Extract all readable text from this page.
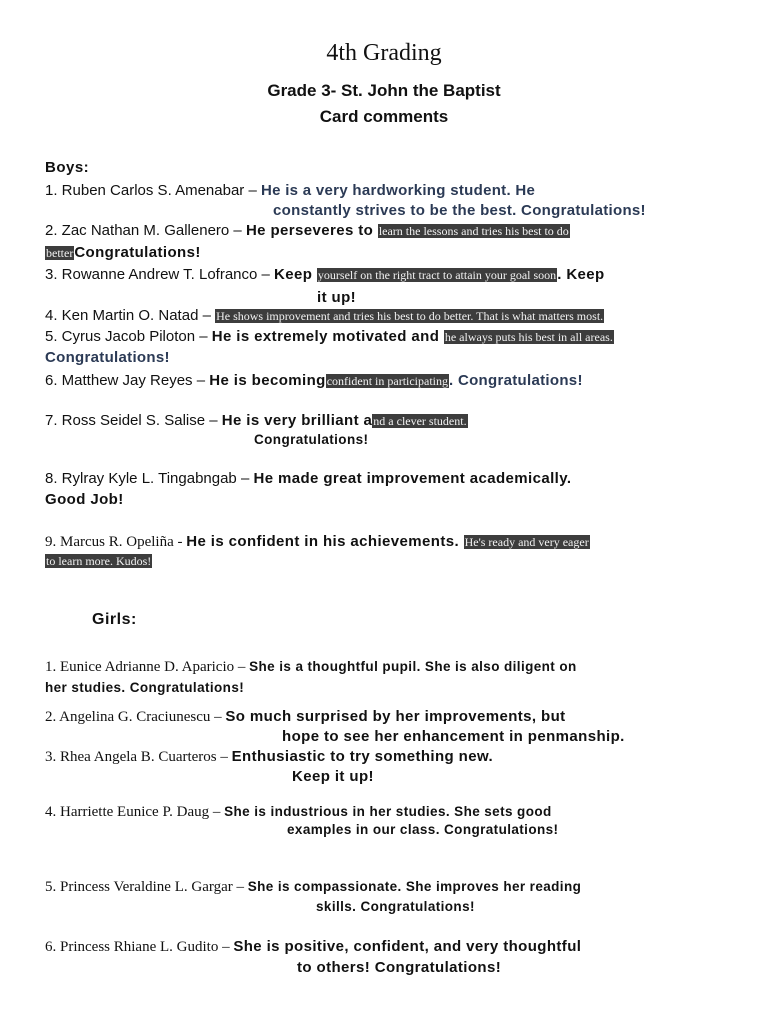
4th Grading
Grade 3- St. John the Baptist
Card comments
Boys:
1. Ruben Carlos S. Amenabar – He is a very hardworking student. He
constantly strives to be the best. Congratulations!
2. Zac Nathan M. Gallenero – He perseveres to learn the lessons and tries his best to do
betterCongratulations!
3. Rowanne Andrew T. Lofranco – Keep yourself on the right tract to attain your goal soon. Keep
it up!
4. Ken Martin O. Natad – He shows improvement and tries his best to do better. That is what matters most.
5. Cyrus Jacob Piloton – He is extremely motivated and he always puts his best in all areas.
Congratulations!
6. Matthew Jay Reyes – He is becomingconfident in participating. Congratulations!
7. Ross Seidel S. Salise – He is very brilliant and a clever student.
Congratulations!
8. Rylray Kyle L. Tingabngab – He made great improvement academically.
Good Job!
9. Marcus R. Opeliña - He is confident in his achievements. He's ready and very eager
to learn more. Kudos!
Girls:
1. Eunice Adrianne D. Aparicio – She is a thoughtful pupil. She is also diligent on
her studies. Congratulations!
2. Angelina G. Craciunescu – So much surprised by her improvements, but
hope to see her enhancement in penmanship.
3. Rhea Angela B. Cuarteros – Enthusiastic to try something new.
Keep it up!
4. Harriette Eunice P. Daug – She is industrious in her studies. She sets good
examples in our class. Congratulations!
5. Princess Veraldine L. Gargar – She is compassionate. She improves her reading
skills. Congratulations!
6. Princess Rhiane L. Gudito – She is positive, confident, and very thoughtful
to others! Congratulations!
